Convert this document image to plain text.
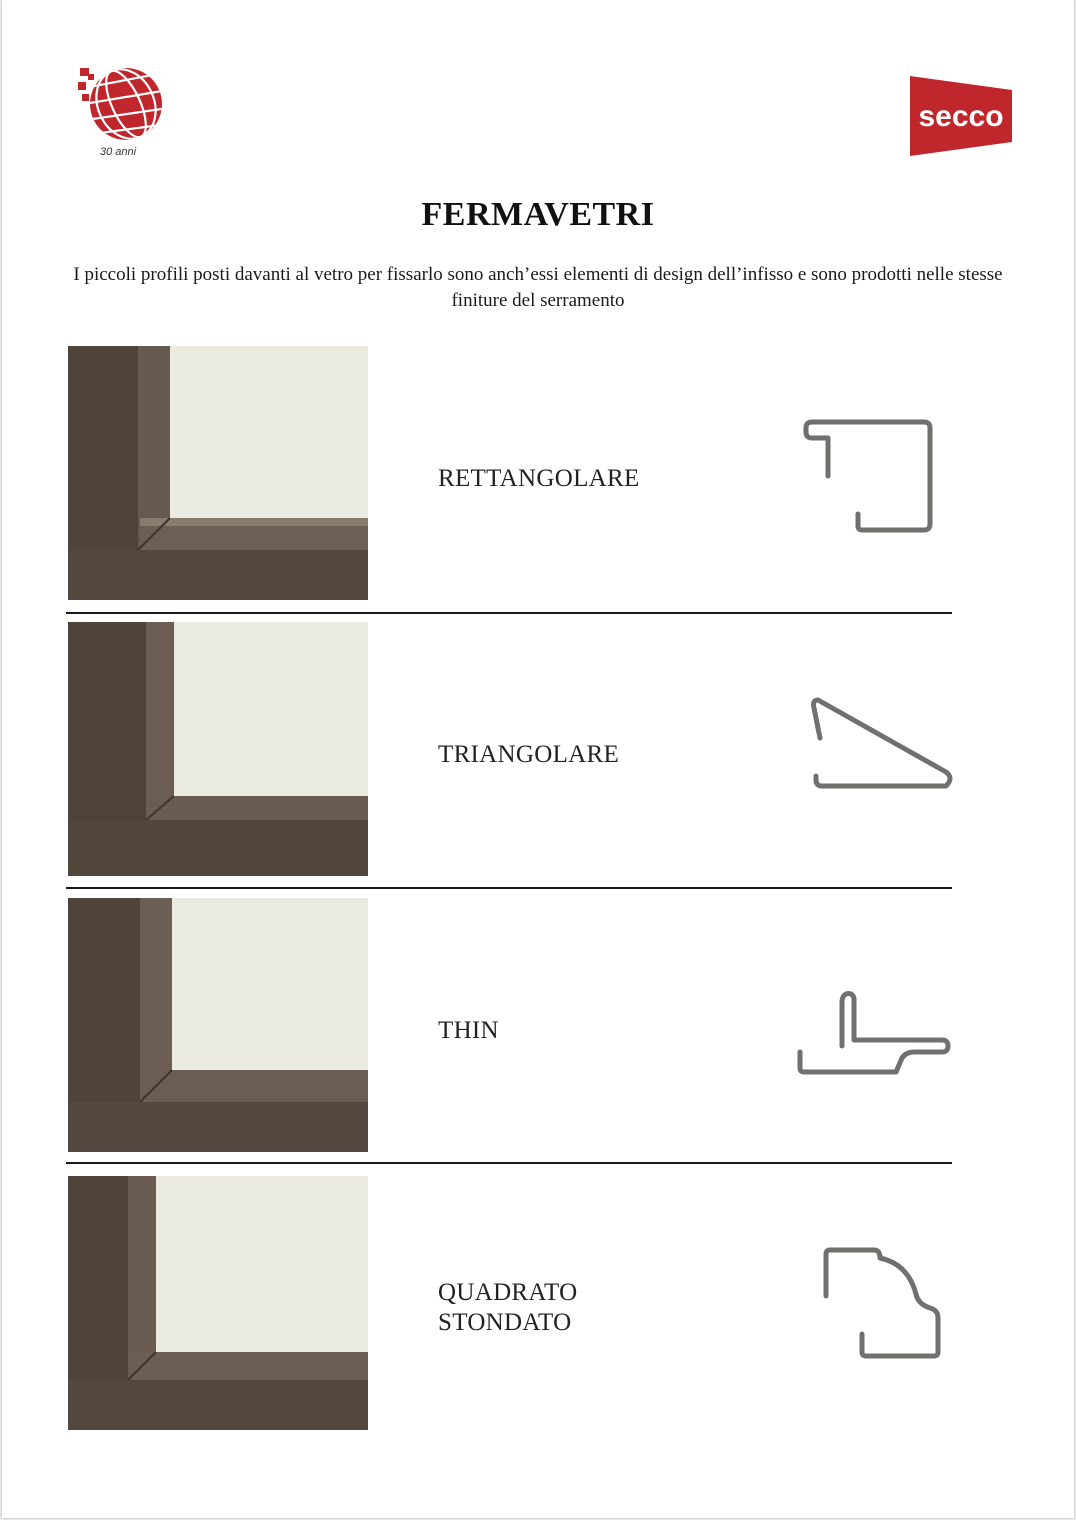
30 anni
secco
FERMAVETRI
I piccoli profili posti davanti al vetro per fissarlo sono anch’essi elementi di design dell’infisso e sono prodotti nelle stesse finiture del serramento
RETTANGOLARE
TRIANGOLARE
THIN
QUADRATO
STONDATO
